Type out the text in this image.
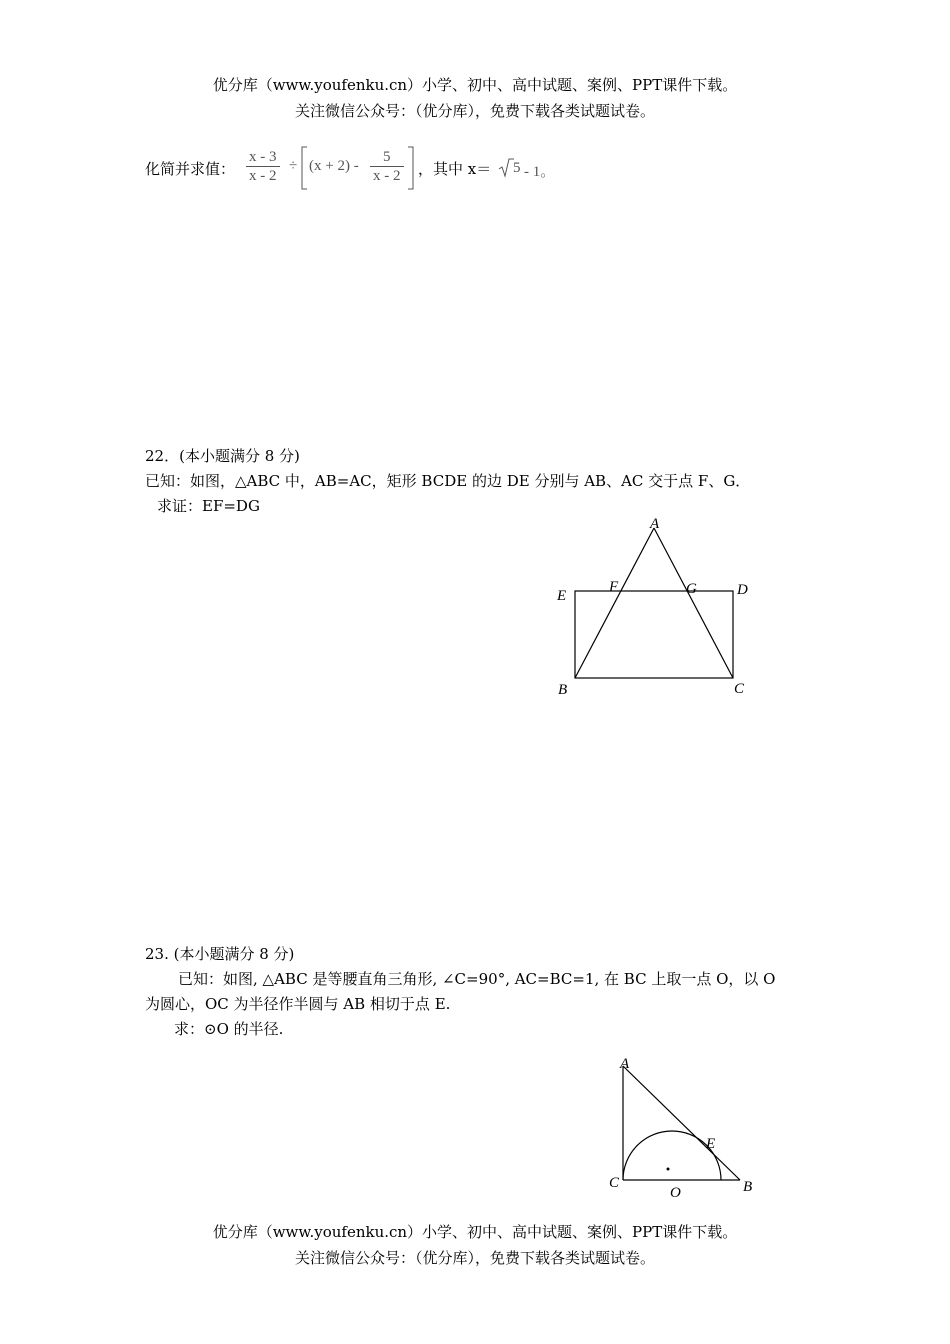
优分库（www.youfenku.cn）小学、初中、高中试题、案例、PPT课件下载。
关注微信公众号：（优分库），免费下载各类试题试卷。
化简并求值： $\frac{x - 3}{x - 2} \div (x + 2) - \frac{5}{x - 2}$ ，其中 x＝ 5 - 1。
22．(本小题满分 8 分)
已知：如图，△ABC 中，AB=AC，矩形 BCDE 的边 DE 分别与 AB、AC 交于点 F、G．
求证：EF=DG
A
E
F	G	D
B	C
23. (本小题满分 8 分)
已知：如图, △ABC 是等腰直角三角形, ∠C=90°, AC=BC=1, 在 BC 上取一点 O，以 O
为圆心，OC 为半径作半圆与 AB 相切于点 E.
求：⊙O 的半径.
A
E
C
O	B
优分库（www.youfenku.cn）小学、初中、高中试题、案例、PPT课件下载。
关注微信公众号：（优分库），免费下载各类试题试卷。
